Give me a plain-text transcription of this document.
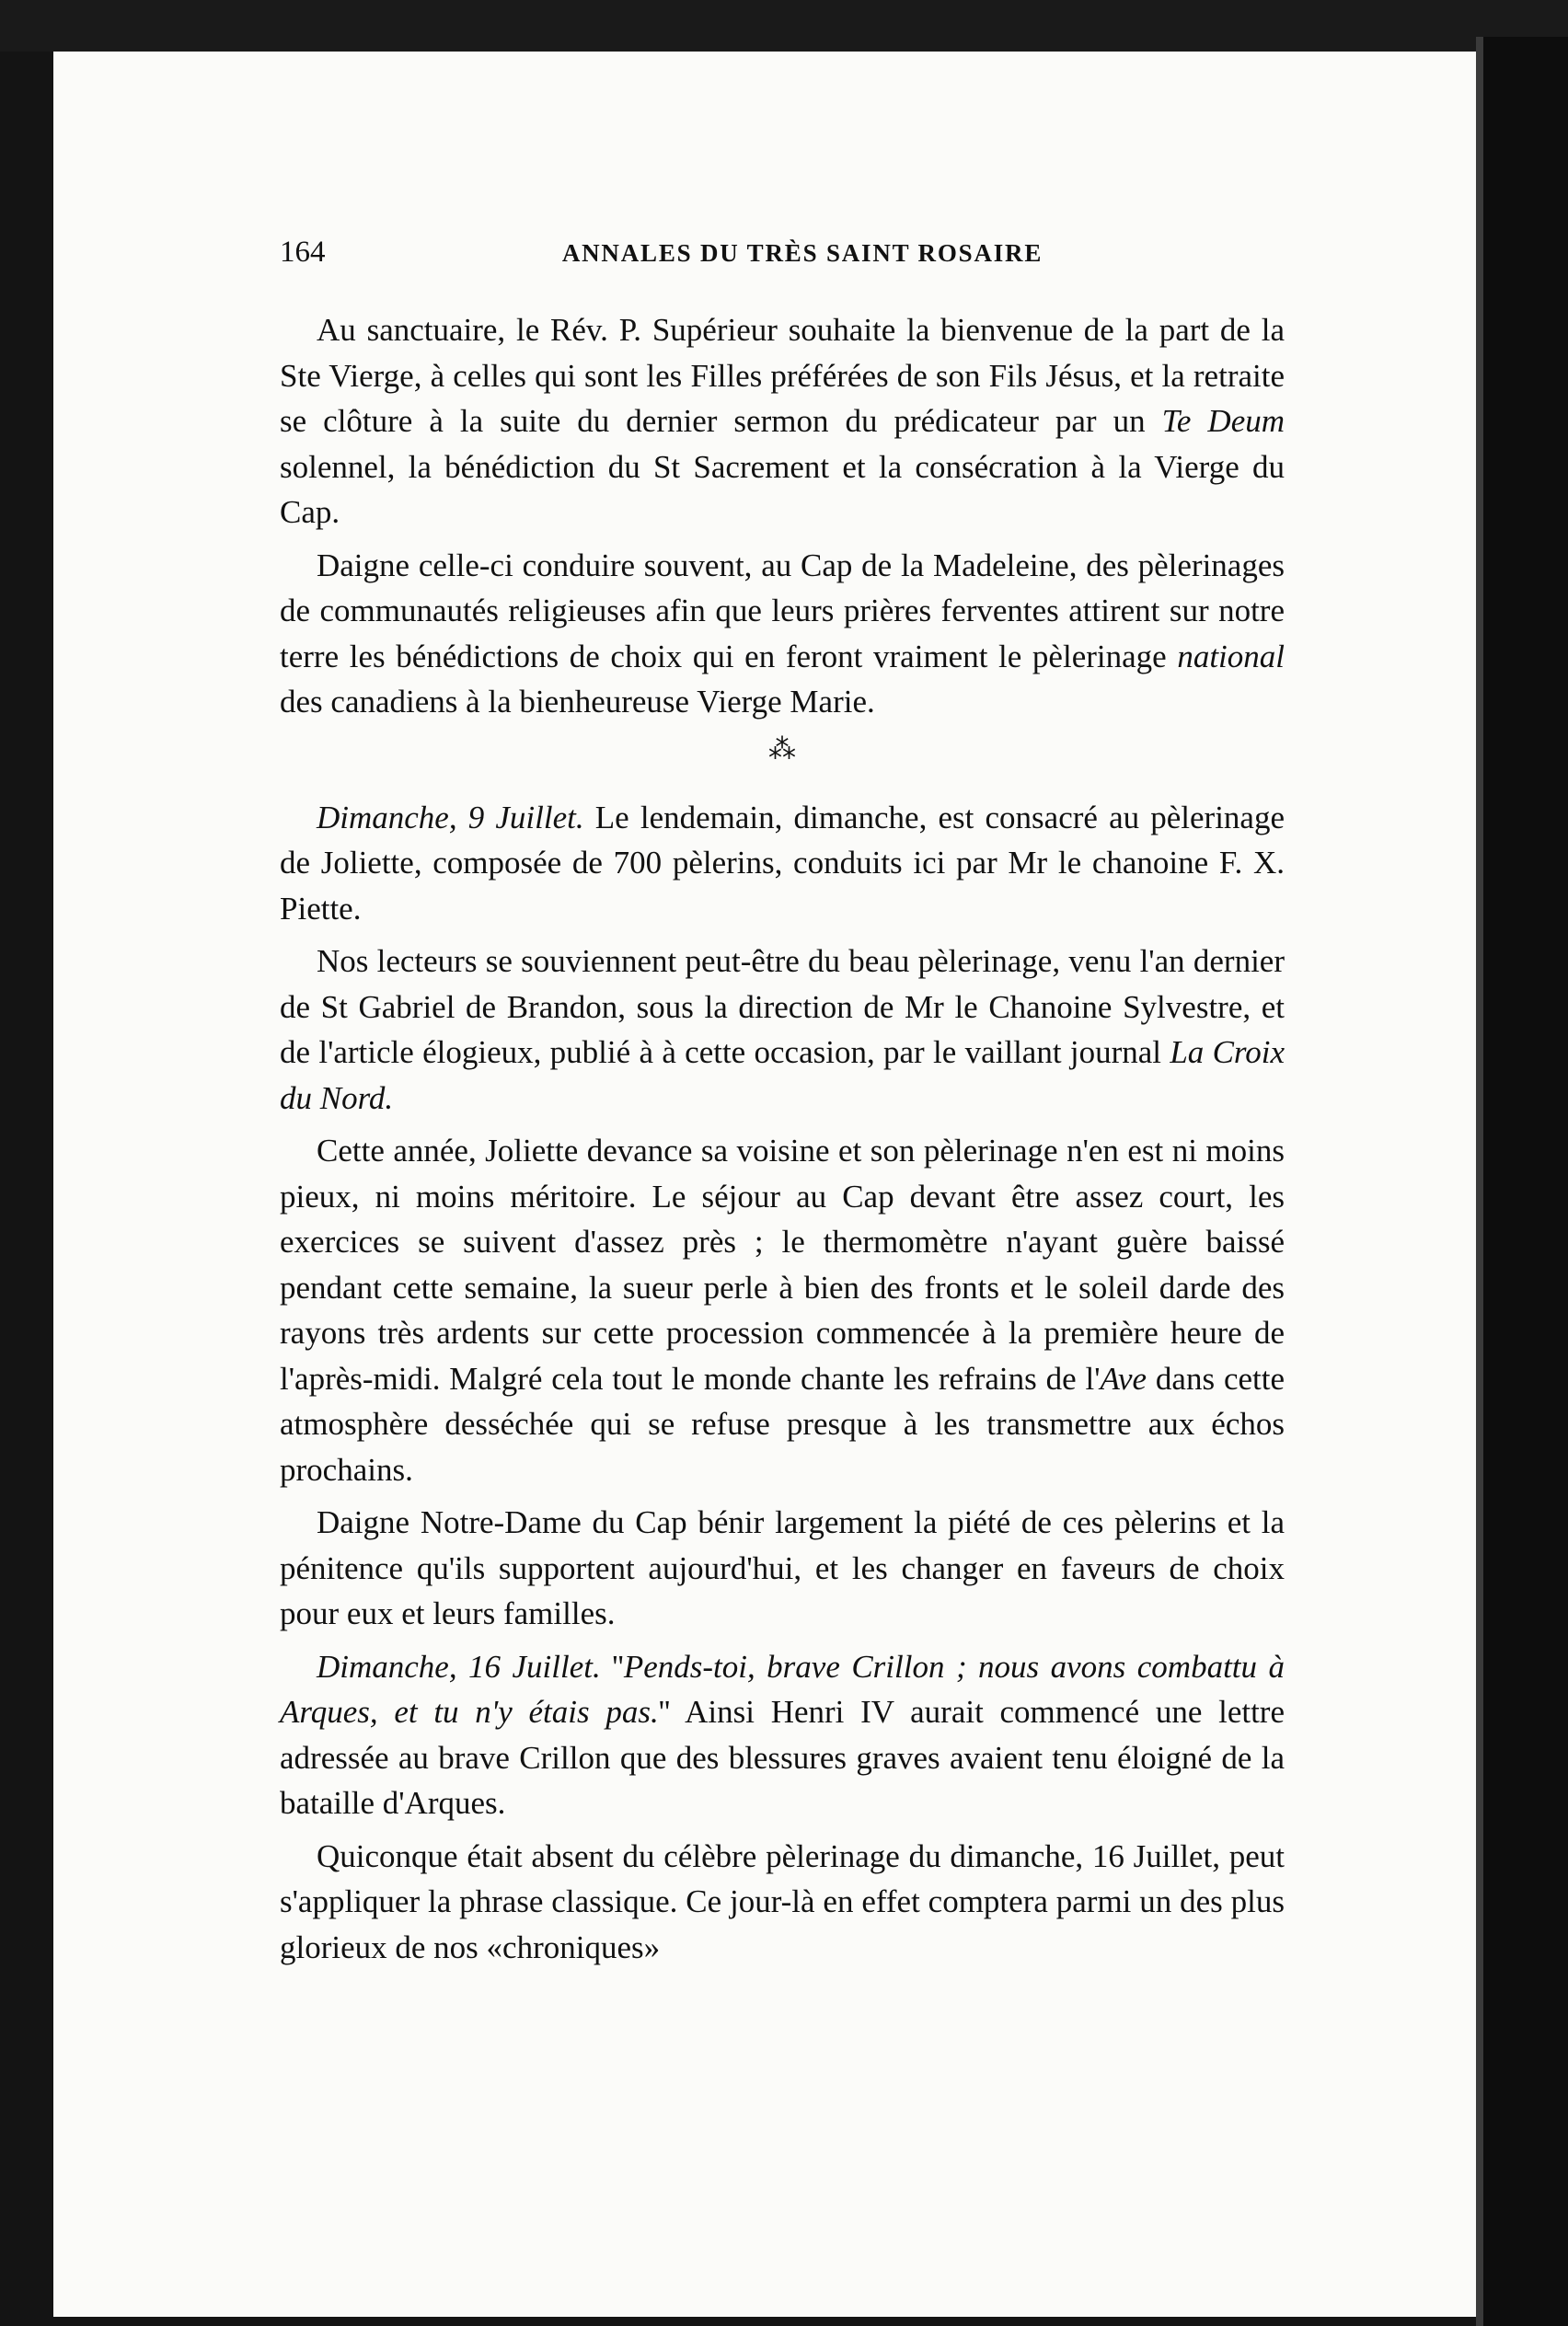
164	ANNALES DU TRÈS SAINT ROSAIRE

Au sanctuaire, le Rév. P. Supérieur souhaite la bienvenue de la part de la Ste Vierge, à celles qui sont les Filles préférées de son Fils Jésus, et la retraite se clôture à la suite du dernier sermon du prédicateur par un Te Deum solennel, la bénédiction du St Sacrement et la consécration à la Vierge du Cap.

Daigne celle-ci conduire souvent, au Cap de la Madeleine, des pèlerinages de communautés religieuses afin que leurs prières ferventes attirent sur notre terre les bénédictions de choix qui en feront vraiment le pèlerinage national des canadiens à la bienheureuse Vierge Marie.

⁂

Dimanche, 9 Juillet. Le lendemain, dimanche, est consacré au pèlerinage de Joliette, composée de 700 pèlerins, conduits ici par Mr le chanoine F. X. Piette.

Nos lecteurs se souviennent peut-être du beau pèlerinage, venu l'an dernier de St Gabriel de Brandon, sous la direction de Mr le Chanoine Sylvestre, et de l'article élogieux, publié à à cette occasion, par le vaillant journal La Croix du Nord.

Cette année, Joliette devance sa voisine et son pèlerinage n'en est ni moins pieux, ni moins méritoire. Le séjour au Cap devant être assez court, les exercices se suivent d'assez près ; le thermomètre n'ayant guère baissé pendant cette semaine, la sueur perle à bien des fronts et le soleil darde des rayons très ardents sur cette procession commencée à la première heure de l'après-midi. Malgré cela tout le monde chante les refrains de l'Ave dans cette atmosphère desséchée qui se refuse presque à les transmettre aux échos prochains.

Daigne Notre-Dame du Cap bénir largement la piété de ces pèlerins et la pénitence qu'ils supportent aujourd'hui, et les changer en faveurs de choix pour eux et leurs familles.

Dimanche, 16 Juillet. ''Pends-toi, brave Crillon ; nous avons combattu à Arques, et tu n'y étais pas.'' Ainsi Henri IV aurait commencé une lettre adressée au brave Crillon que des blessures graves avaient tenu éloigné de la bataille d'Arques.

Quiconque était absent du célèbre pèlerinage du dimanche, 16 Juillet, peut s'appliquer la phrase classique. Ce jour-là en effet comptera parmi un des plus glorieux de nos «chroniques»
